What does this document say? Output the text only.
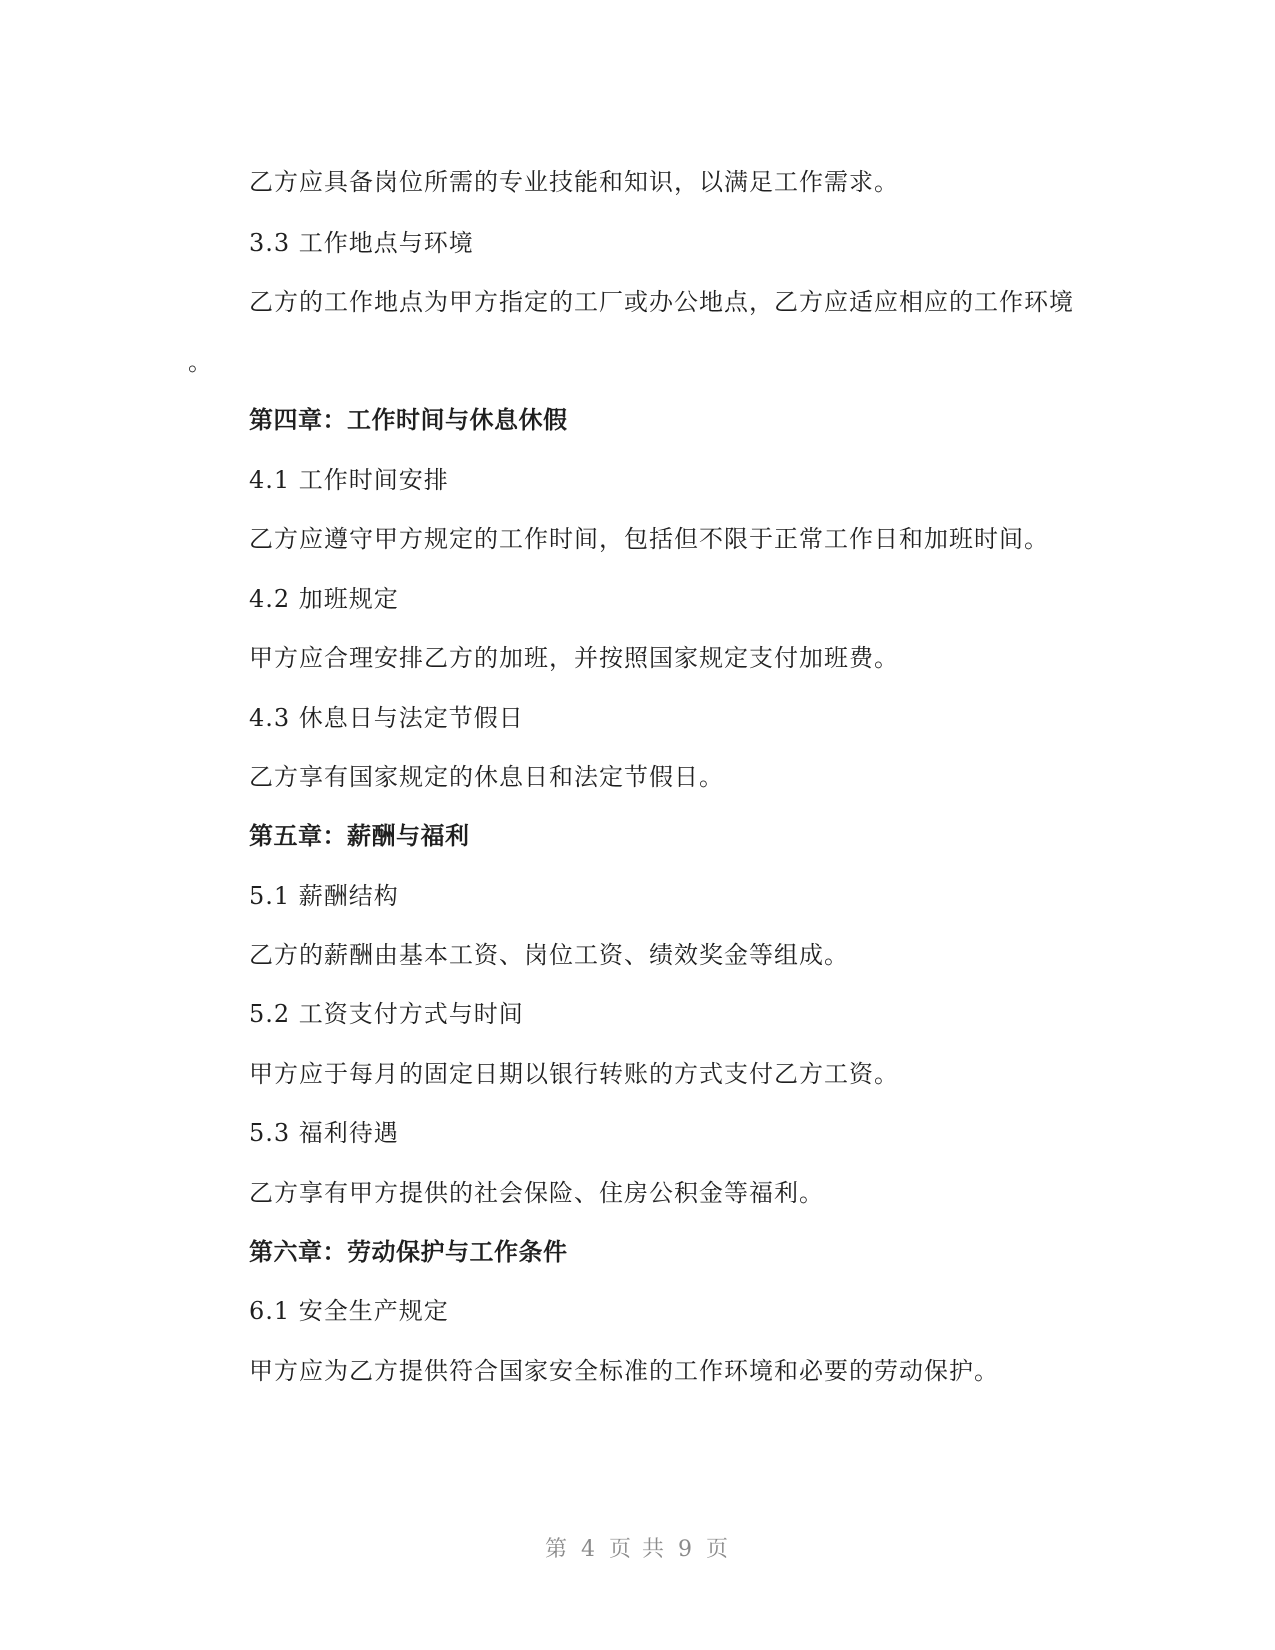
乙方应具备岗位所需的专业技能和知识，以满足工作需求。
3.3 工作地点与环境
乙方的工作地点为甲方指定的工厂或办公地点，乙方应适应相应的工作环境
。
第四章：工作时间与休息休假
4.1 工作时间安排
乙方应遵守甲方规定的工作时间，包括但不限于正常工作日和加班时间。
4.2 加班规定
甲方应合理安排乙方的加班，并按照国家规定支付加班费。
4.3 休息日与法定节假日
乙方享有国家规定的休息日和法定节假日。
第五章：薪酬与福利
5.1 薪酬结构
乙方的薪酬由基本工资、岗位工资、绩效奖金等组成。
5.2 工资支付方式与时间
甲方应于每月的固定日期以银行转账的方式支付乙方工资。
5.3 福利待遇
乙方享有甲方提供的社会保险、住房公积金等福利。
第六章：劳动保护与工作条件
6.1 安全生产规定
甲方应为乙方提供符合国家安全标准的工作环境和必要的劳动保护。
第 4 页 共 9 页
